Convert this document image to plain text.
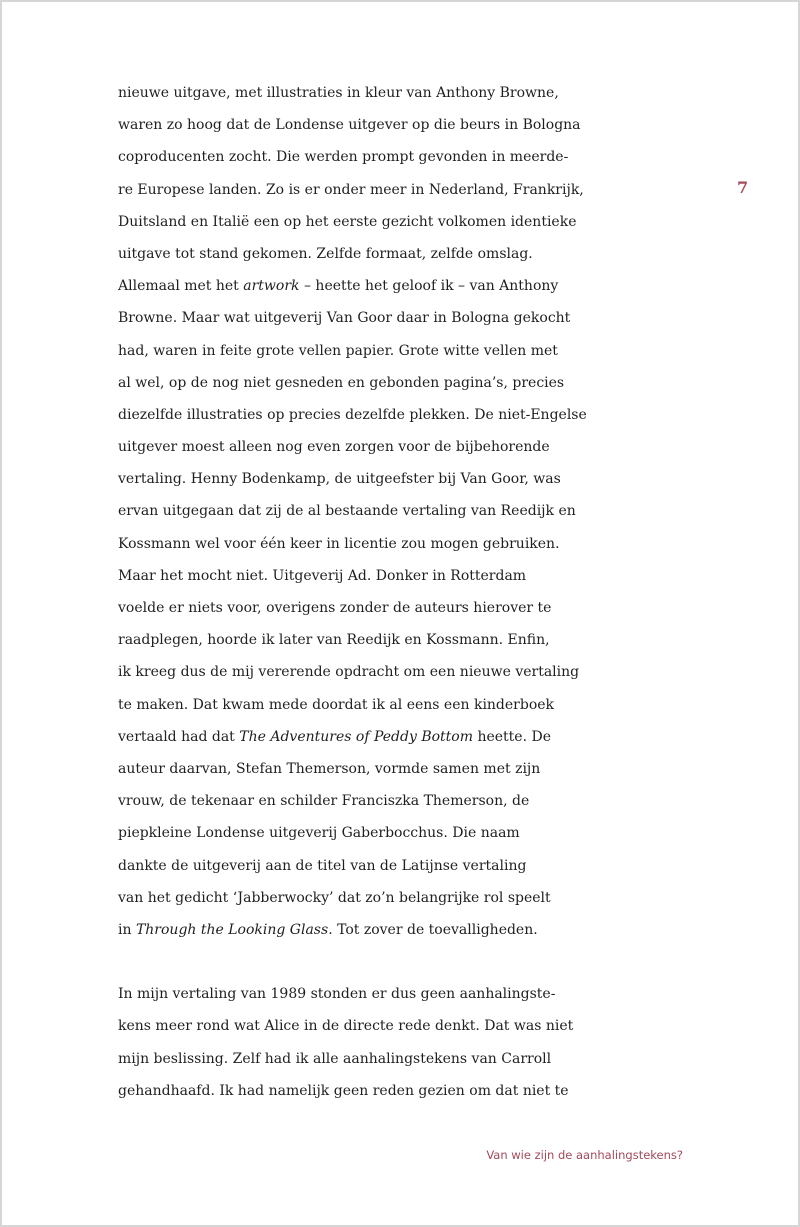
nieuwe uitgave, met illustraties in kleur van Anthony Browne,
waren zo hoog dat de Londense uitgever op die beurs in Bologna
coproducenten zocht. Die werden prompt gevonden in meerde-
re Europese landen. Zo is er onder meer in Nederland, Frankrijk,
Duitsland en Italië een op het eerste gezicht volkomen identieke
uitgave tot stand gekomen. Zelfde formaat, zelfde omslag.
Allemaal met het artwork – heette het geloof ik – van Anthony
Browne. Maar wat uitgeverij Van Goor daar in Bologna gekocht
had, waren in feite grote vellen papier. Grote witte vellen met
al wel, op de nog niet gesneden en gebonden pagina’s, precies
diezelfde illustraties op precies dezelfde plekken. De niet-Engelse
uitgever moest alleen nog even zorgen voor de bijbehorende
vertaling. Henny Bodenkamp, de uitgeefster bij Van Goor, was
ervan uitgegaan dat zij de al bestaande vertaling van Reedijk en
Kossmann wel voor één keer in licentie zou mogen gebruiken.
Maar het mocht niet. Uitgeverij Ad. Donker in Rotterdam
voelde er niets voor, overigens zonder de auteurs hierover te
raadplegen, hoorde ik later van Reedijk en Kossmann. Enfin,
ik kreeg dus de mij vererende opdracht om een nieuwe vertaling
te maken. Dat kwam mede doordat ik al eens een kinderboek
vertaald had dat The Adventures of Peddy Bottom heette. De
auteur daarvan, Stefan Themerson, vormde samen met zijn
vrouw, de tekenaar en schilder Franciszka Themerson, de
piepkleine Londense uitgeverij Gaberbocchus. Die naam
dankte de uitgeverij aan de titel van de Latijnse vertaling
van het gedicht ‘Jabberwocky’ dat zo’n belangrijke rol speelt
in Through the Looking Glass. Tot zover de toevalligheden.
In mijn vertaling van 1989 stonden er dus geen aanhalingste-
kens meer rond wat Alice in de directe rede denkt. Dat was niet
mijn beslissing. Zelf had ik alle aanhalingstekens van Carroll
gehandhaafd. Ik had namelijk geen reden gezien om dat niet te
7
Van wie zijn de aanhalingstekens?
